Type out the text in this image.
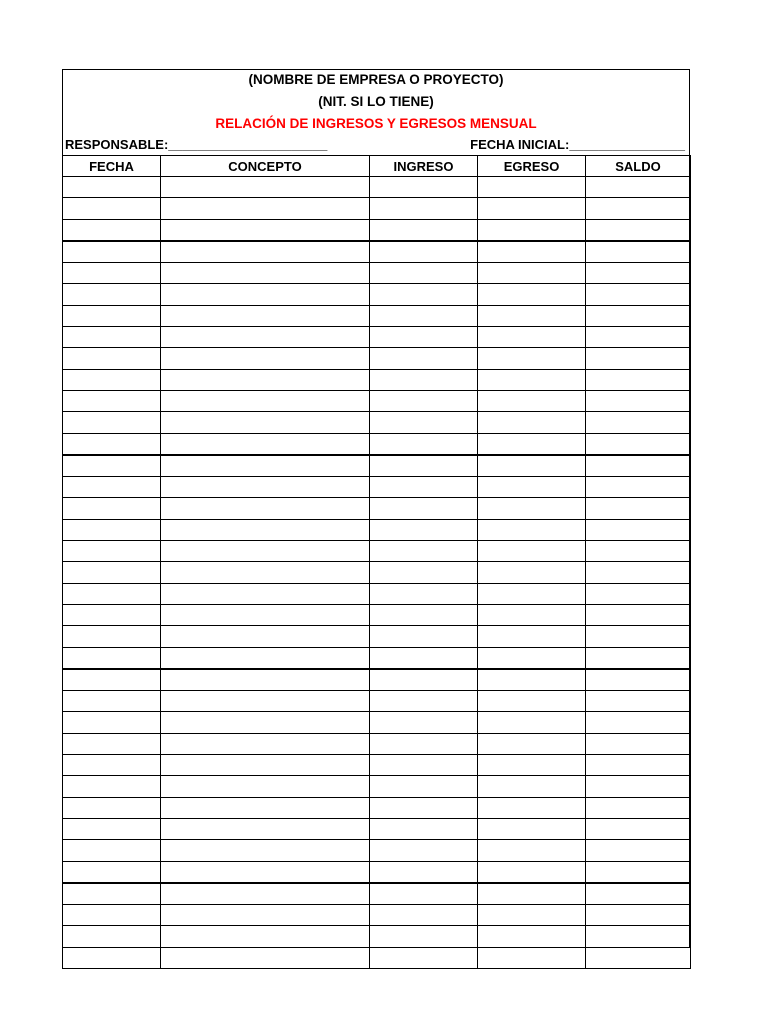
(NOMBRE DE EMPRESA O PROYECTO)
(NIT. SI LO TIENE)
RELACIÓN DE INGRESOS Y EGRESOS MENSUAL
RESPONSABLE:______________________	FECHA INICIAL:________________
FECHA	CONCEPTO	INGRESO	EGRESO	SALDO
